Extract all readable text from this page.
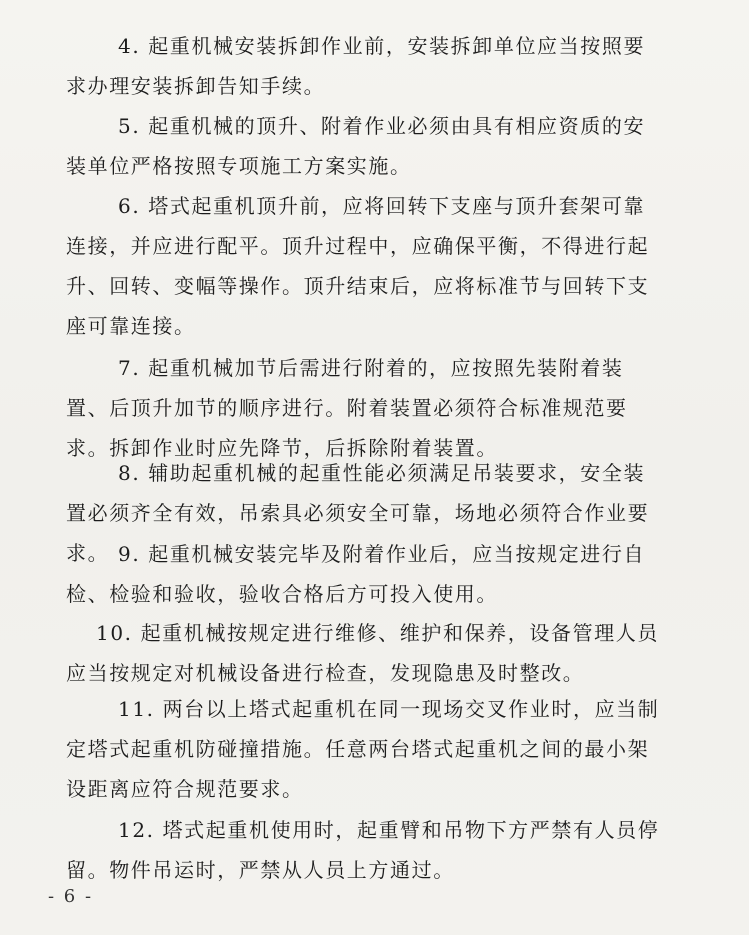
4. 起重机械安装拆卸作业前，安装拆卸单位应当按照要求办理安装拆卸告知手续。

5. 起重机械的顶升、附着作业必须由具有相应资质的安装单位严格按照专项施工方案实施。

6. 塔式起重机顶升前，应将回转下支座与顶升套架可靠连接，并应进行配平。顶升过程中，应确保平衡，不得进行起升、回转、变幅等操作。顶升结束后，应将标准节与回转下支座可靠连接。

7. 起重机械加节后需进行附着的，应按照先装附着装置、后顶升加节的顺序进行。附着装置必须符合标准规范要求。拆卸作业时应先降节，后拆除附着装置。

8. 辅助起重机械的起重性能必须满足吊装要求，安全装置必须齐全有效，吊索具必须安全可靠，场地必须符合作业要求。 9. 起重机械安装完毕及附着作业后，应当按规定进行自检、检验和验收，验收合格后方可投入使用。

10. 起重机械按规定进行维修、维护和保养，设备管理人员应当按规定对机械设备进行检查，发现隐患及时整改。

11. 两台以上塔式起重机在同一现场交叉作业时，应当制定塔式起重机防碰撞措施。任意两台塔式起重机之间的最小架设距离应符合规范要求。

12. 塔式起重机使用时，起重臂和吊物下方严禁有人员停留。物件吊运时，严禁从人员上方通过。

- 6 -
